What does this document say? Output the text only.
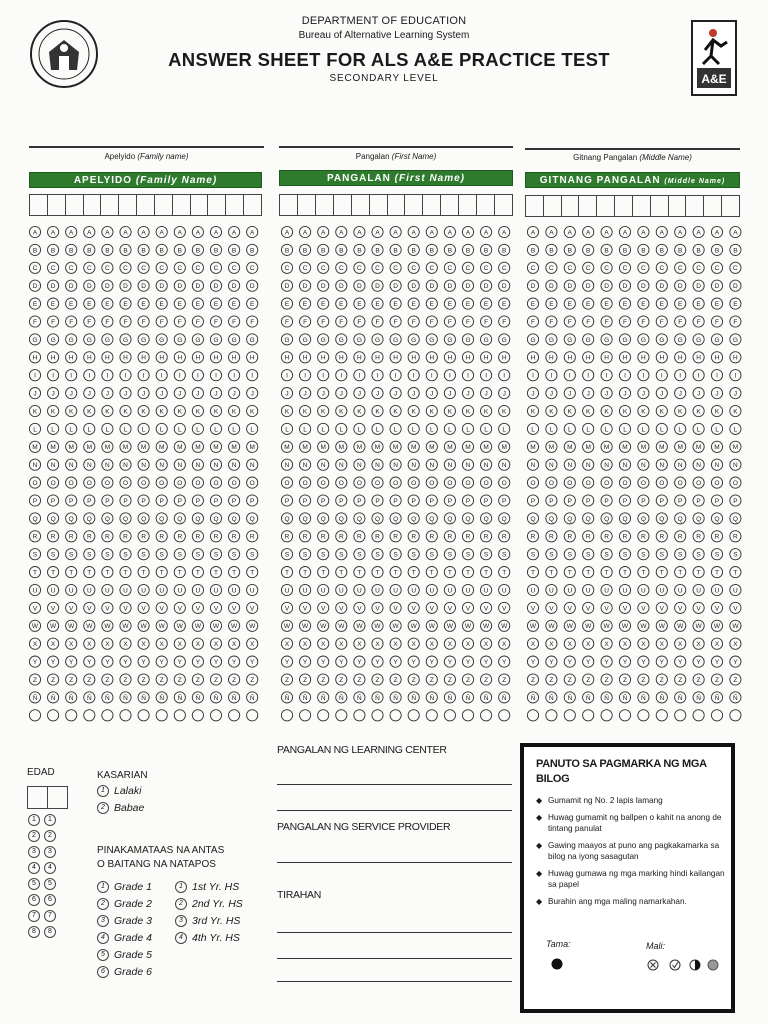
DEPARTMENT OF EDUCATION
Bureau of Alternative Learning System
ANSWER SHEET FOR ALS A&E PRACTICE TEST
SECONDARY LEVEL	A&E
Apelyido (Family name)
APELYIDO (Family Name)
Pangalan (First Name)
PANGALAN (First Name)
Gitnang Pangalan (Middle Name)
GITNANG PANGALAN (Middle Name)
A A A A A A A A A A A A A
B B B B B B B B B B B B B
C C C C C C C C C C C C C
D D D D D D D D D D D D D
E E E E E E E E E E E E E
F F F F F F F F F F F F F
G G G G G G G G G G G G G
H H H H H H H H H H H H H
I	I	I	I	I	I	I	I	I	I	I	I	I
J J J J J J J J J J J J J
K K K K K K K K K K K K K
L L L L L L L L L L L L L
M M M M M M M M M M M M M
N N N N N N N N N N N N N
O O O O O O O O O O O O O
P P P P P P P P P P P P P
Q Q Q Q Q Q Q Q Q Q Q Q Q
R R R R R R R R R R R R R
S S S S S S S S S S S S S
T T T T T T T T T T T T T
U U U U U U U U U U U U U
V V V V V V V V V V V V V
W W W W W W W W W W W W W
X X X X X X X X X X X X X
Y Y Y Y Y Y Y Y Y Y Y Y Y
Z Z Z Z Z Z Z Z Z Z Z Z Z
Ñ Ñ Ñ Ñ Ñ Ñ Ñ Ñ Ñ Ñ Ñ Ñ Ñ
A A A A A A A A A A A A A
B B B B B B B B B B B B B
C C C C C C C C C C C C C
D D D D D D D D D D D D D
E E E E E E E E E E E E E
F F F F F F F F F F F F F
G G G G G G G G G G G G G
H H H H H H H H H H H H H
I	I	I	I	I	I	I	I	I	I	I	I	I
J J J J J J J J J J J J J
K K K K K K K K K K K K K
L L L L L L L L L L L L L
M M M M M M M M M M M M M
N N N N N N N N N N N N N
O O O O O O O O O O O O O
P P P P P P P P P P P P P
Q Q Q Q Q Q Q Q Q Q Q Q Q
R R R R R R R R R R R R R
S S S S S S S S S S S S S
T T T T T T T T T T T T T
U U U U U U U U U U U U U
V V V V V V V V V V V V V
W W W W W W W W W W W W W
X X X X X X X X X X X X X
Y Y Y Y Y Y Y Y Y Y Y Y Y
Z Z Z Z Z Z Z Z Z Z Z Z Z
Ñ Ñ Ñ Ñ Ñ Ñ Ñ Ñ Ñ Ñ Ñ Ñ Ñ
A A A A A A A A A A A A
B B B B B B B B B B B B
C C C C C C C C C C C C
D D D D D D D D D D D D
E E E E E E E E E E E E
F F F F F F F F F F F F
G G G G G G G G G G G G
H H H H H H H H H H H H
I	I	I	I	I	I	I	I	I	I	I	I
J J J J J J J J J J J J
K K K K K K K K K K K K
L L L L L L L L L L L L
M M M M M M M M M M M M
N N N N N N N N N N N N
O O O O O O O O O O O O
P P P P P P P P P P P P
Q Q Q Q Q Q Q Q Q Q Q Q
R R R R R R R R R R R R
S S S S S S S S S S S S
T T T T T T T T T T T T
U U U U U U U U U U U U
V V V V V V V V V V V V
W W W W W W W W W W W W
X X X X X X X X X X X X
Y Y Y Y Y Y Y Y Y Y Y Y
Z Z Z Z Z Z Z Z Z Z Z Z
Ñ Ñ Ñ Ñ Ñ Ñ Ñ Ñ Ñ Ñ Ñ Ñ
EDAD
1	1
2	2
3	3
4	4
5	5
6	6
7	7
8	8
KASARIAN
1 Lalaki
2 Babae
PINAKAMATAAS NA ANTAS
O BAITANG NA NATAPOS
1 Grade 1
2 Grade 2
3 Grade 3
4 Grade 4
5 Grade 5
6 Grade 6
1 1st Yr. HS
2 2nd Yr. HS
3 3rd Yr. HS
4 4th Yr. HS
PANGALAN NG LEARNING CENTER
PANGALAN NG SERVICE PROVIDER
TIRAHAN
PANUTO SA PAGMARKA NG MGA BILOG
◆ Gumamit ng No. 2 lapis lamang
◆ Huwag gumamit ng ballpen o kahit na anong de tintang panulat
◆ Gawing maayos at puno ang pagkakamarka sa bilog na iyong sasagutan
◆ Huwag gumawa ng mga marking hindi kailangan sa papel
◆ Burahin ang mga maling namarkahan.
Tama:	Mali:
